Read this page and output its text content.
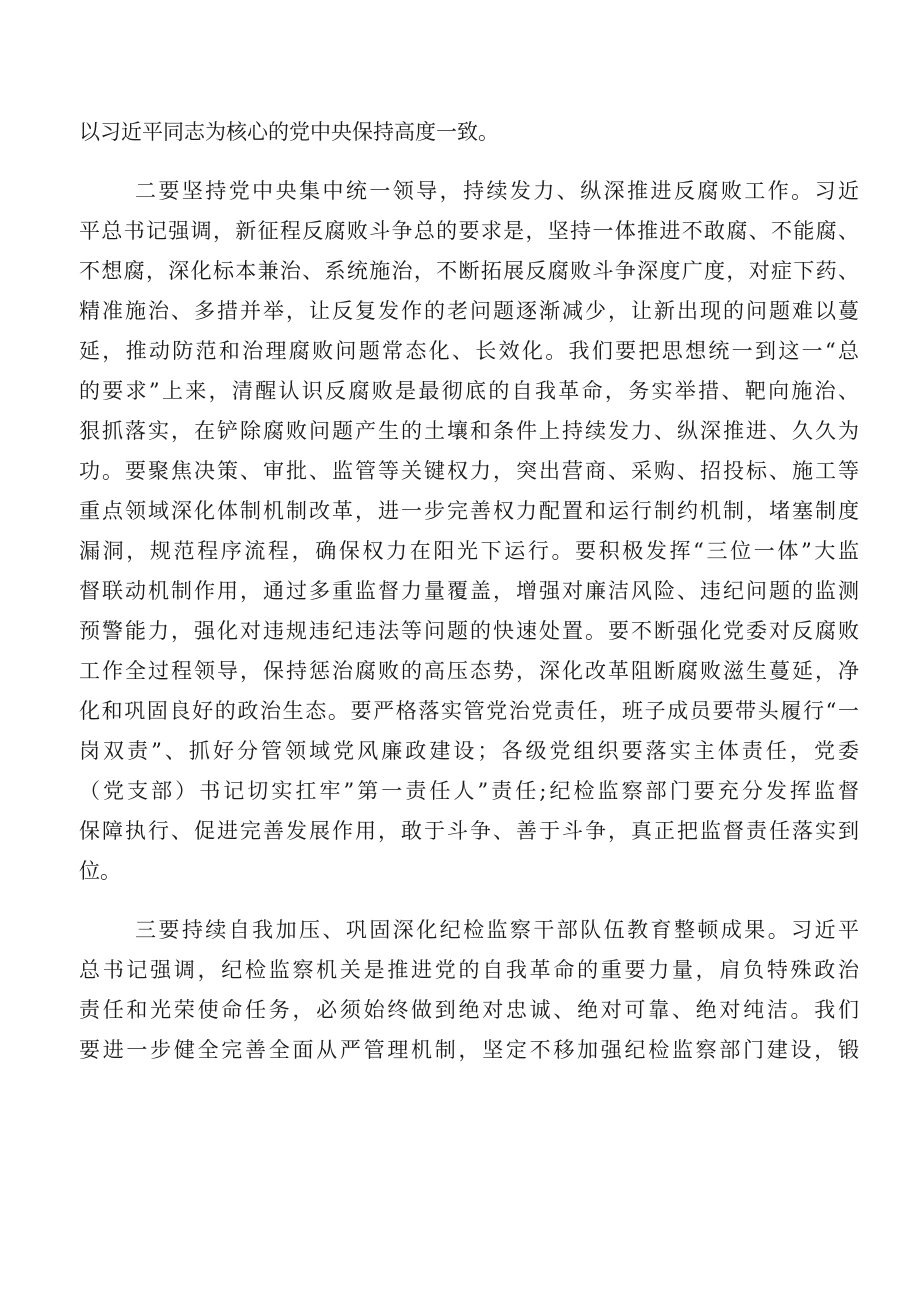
以习近平同志为核心的党中央保持高度一致。

二要坚持党中央集中统一领导，持续发力、纵深推进反腐败工作。习近

平总书记强调，新征程反腐败斗争总的要求是，坚持一体推进不敢腐、不能腐、

不想腐，深化标本兼治、系统施治，不断拓展反腐败斗争深度广度，对症下药、

精准施治、多措并举，让反复发作的老问题逐渐减少，让新出现的问题难以蔓

延，推动防范和治理腐败问题常态化、长效化。我们要把思想统一到这一“总

的要求”上来，清醒认识反腐败是最彻底的自我革命，务实举措、靶向施治、

狠抓落实，在铲除腐败问题产生的土壤和条件上持续发力、纵深推进、久久为

功。要聚焦决策、审批、监管等关键权力，突出营商、采购、招投标、施工等

重点领域深化体制机制改革，进一步完善权力配置和运行制约机制，堵塞制度

漏洞，规范程序流程，确保权力在阳光下运行。要积极发挥“三位一体”大监

督联动机制作用，通过多重监督力量覆盖，增强对廉洁风险、违纪问题的监测

预警能力，强化对违规违纪违法等问题的快速处置。要不断强化党委对反腐败

工作全过程领导，保持惩治腐败的高压态势，深化改革阻断腐败滋生蔓延，净

化和巩固良好的政治生态。要严格落实管党治党责任，班子成员要带头履行“一

岗双责”、抓好分管领域党风廉政建设；各级党组织要落实主体责任，党委

（党支部）书记切实扛牢”第一责任人”责任;纪检监察部门要充分发挥监督

保障执行、促进完善发展作用，敢于斗争、善于斗争，真正把监督责任落实到

位。

三要持续自我加压、巩固深化纪检监察干部队伍教育整顿成果。习近平

总书记强调，纪检监察机关是推进党的自我革命的重要力量，肩负特殊政治

责任和光荣使命任务，必须始终做到绝对忠诚、绝对可靠、绝对纯洁。我们

要进一步健全完善全面从严管理机制，坚定不移加强纪检监察部门建设，锻
